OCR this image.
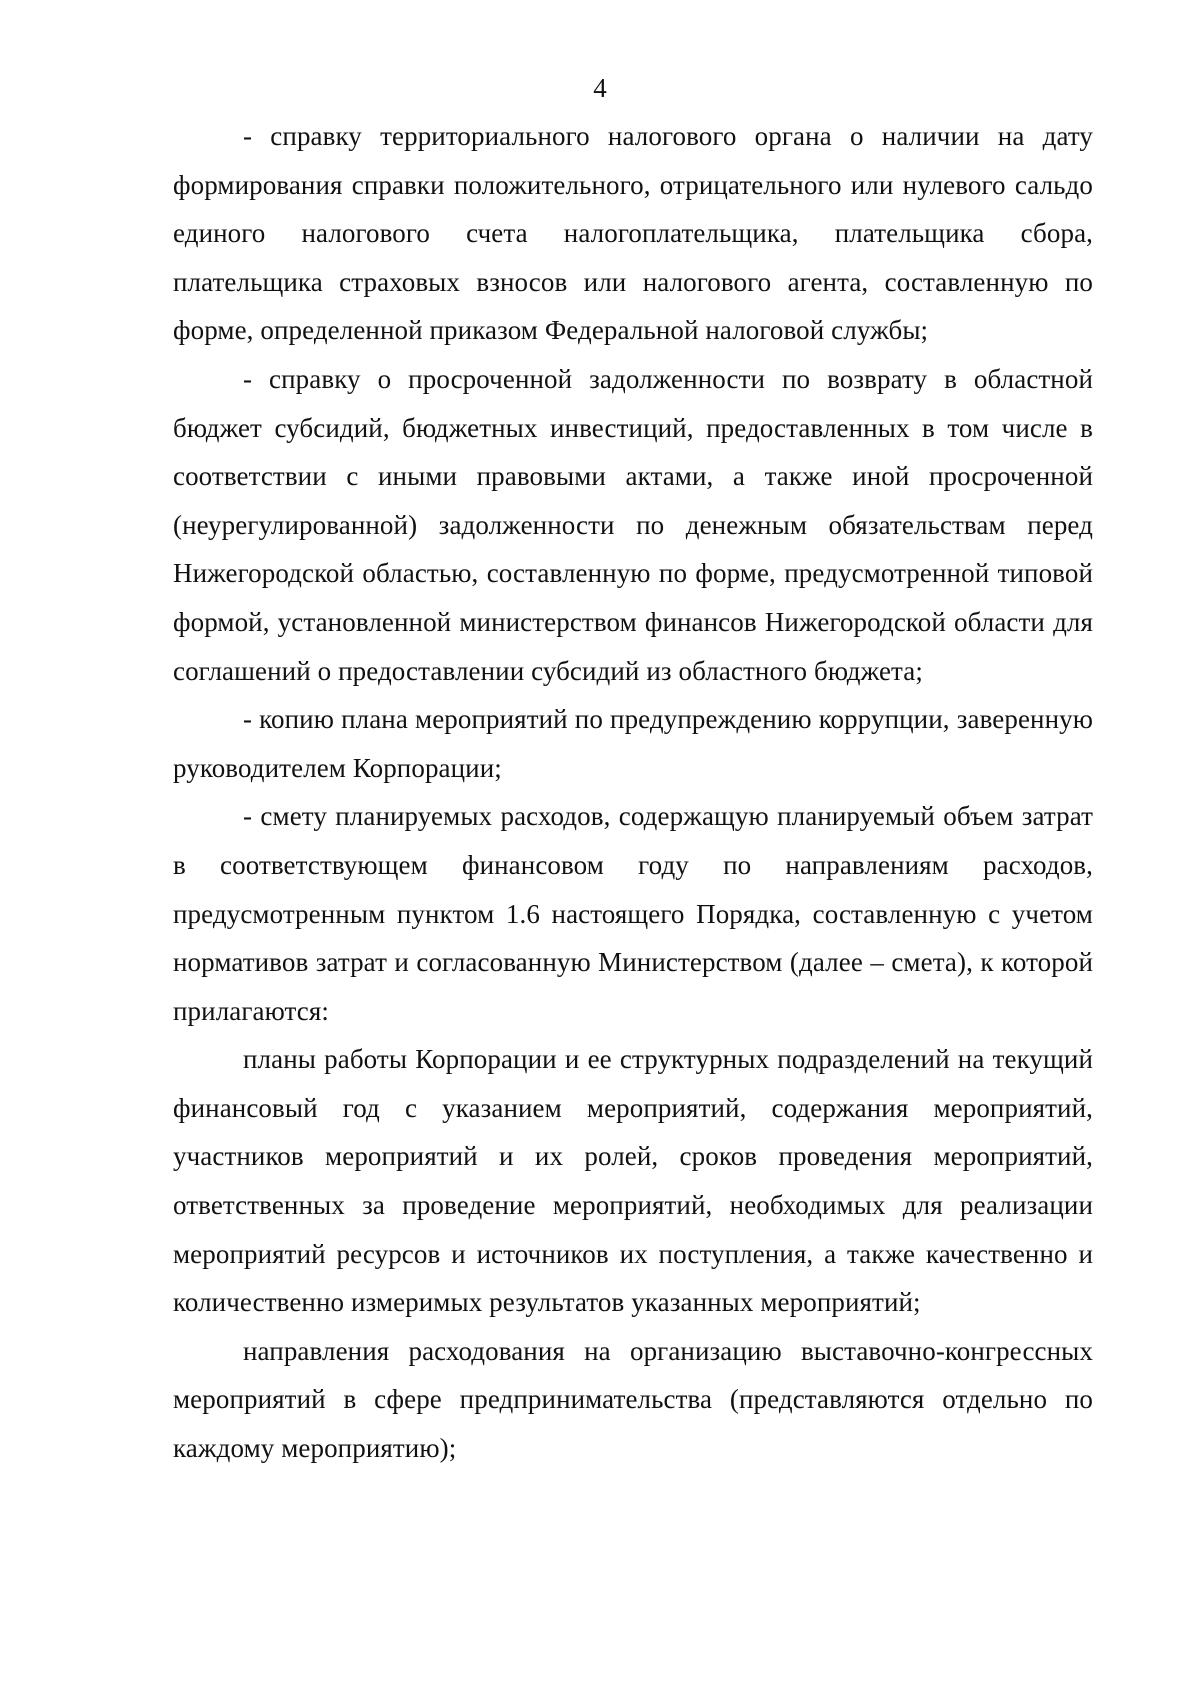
4

- справку территориального налогового органа о наличии на дату формирования справки положительного, отрицательного или нулевого сальдо единого налогового счета налогоплательщика, плательщика сбора, плательщика страховых взносов или налогового агента, составленную по форме, определенной приказом Федеральной налоговой службы;

- справку о просроченной задолженности по возврату в областной бюджет субсидий, бюджетных инвестиций, предоставленных в том числе в соответствии с иными правовыми актами, а также иной просроченной (неурегулированной) задолженности по денежным обязательствам перед Нижегородской областью, составленную по форме, предусмотренной типовой формой, установленной министерством финансов Нижегородской области для соглашений о предоставлении субсидий из областного бюджета;

- копию плана мероприятий по предупреждению коррупции, заверенную руководителем Корпорации;

- смету планируемых расходов, содержащую планируемый объем затрат в соответствующем финансовом году по направлениям расходов, предусмотренным пунктом 1.6 настоящего Порядка, составленную с учетом нормативов затрат и согласованную Министерством (далее – смета), к которой прилагаются:

планы работы Корпорации и ее структурных подразделений на текущий финансовый год с указанием мероприятий, содержания мероприятий, участников мероприятий и их ролей, сроков проведения мероприятий, ответственных за проведение мероприятий, необходимых для реализации мероприятий ресурсов и источников их поступления, а также качественно и количественно измеримых результатов указанных мероприятий;

направления расходования на организацию выставочно-конгрессных мероприятий в сфере предпринимательства (представляются отдельно по каждому мероприятию);
